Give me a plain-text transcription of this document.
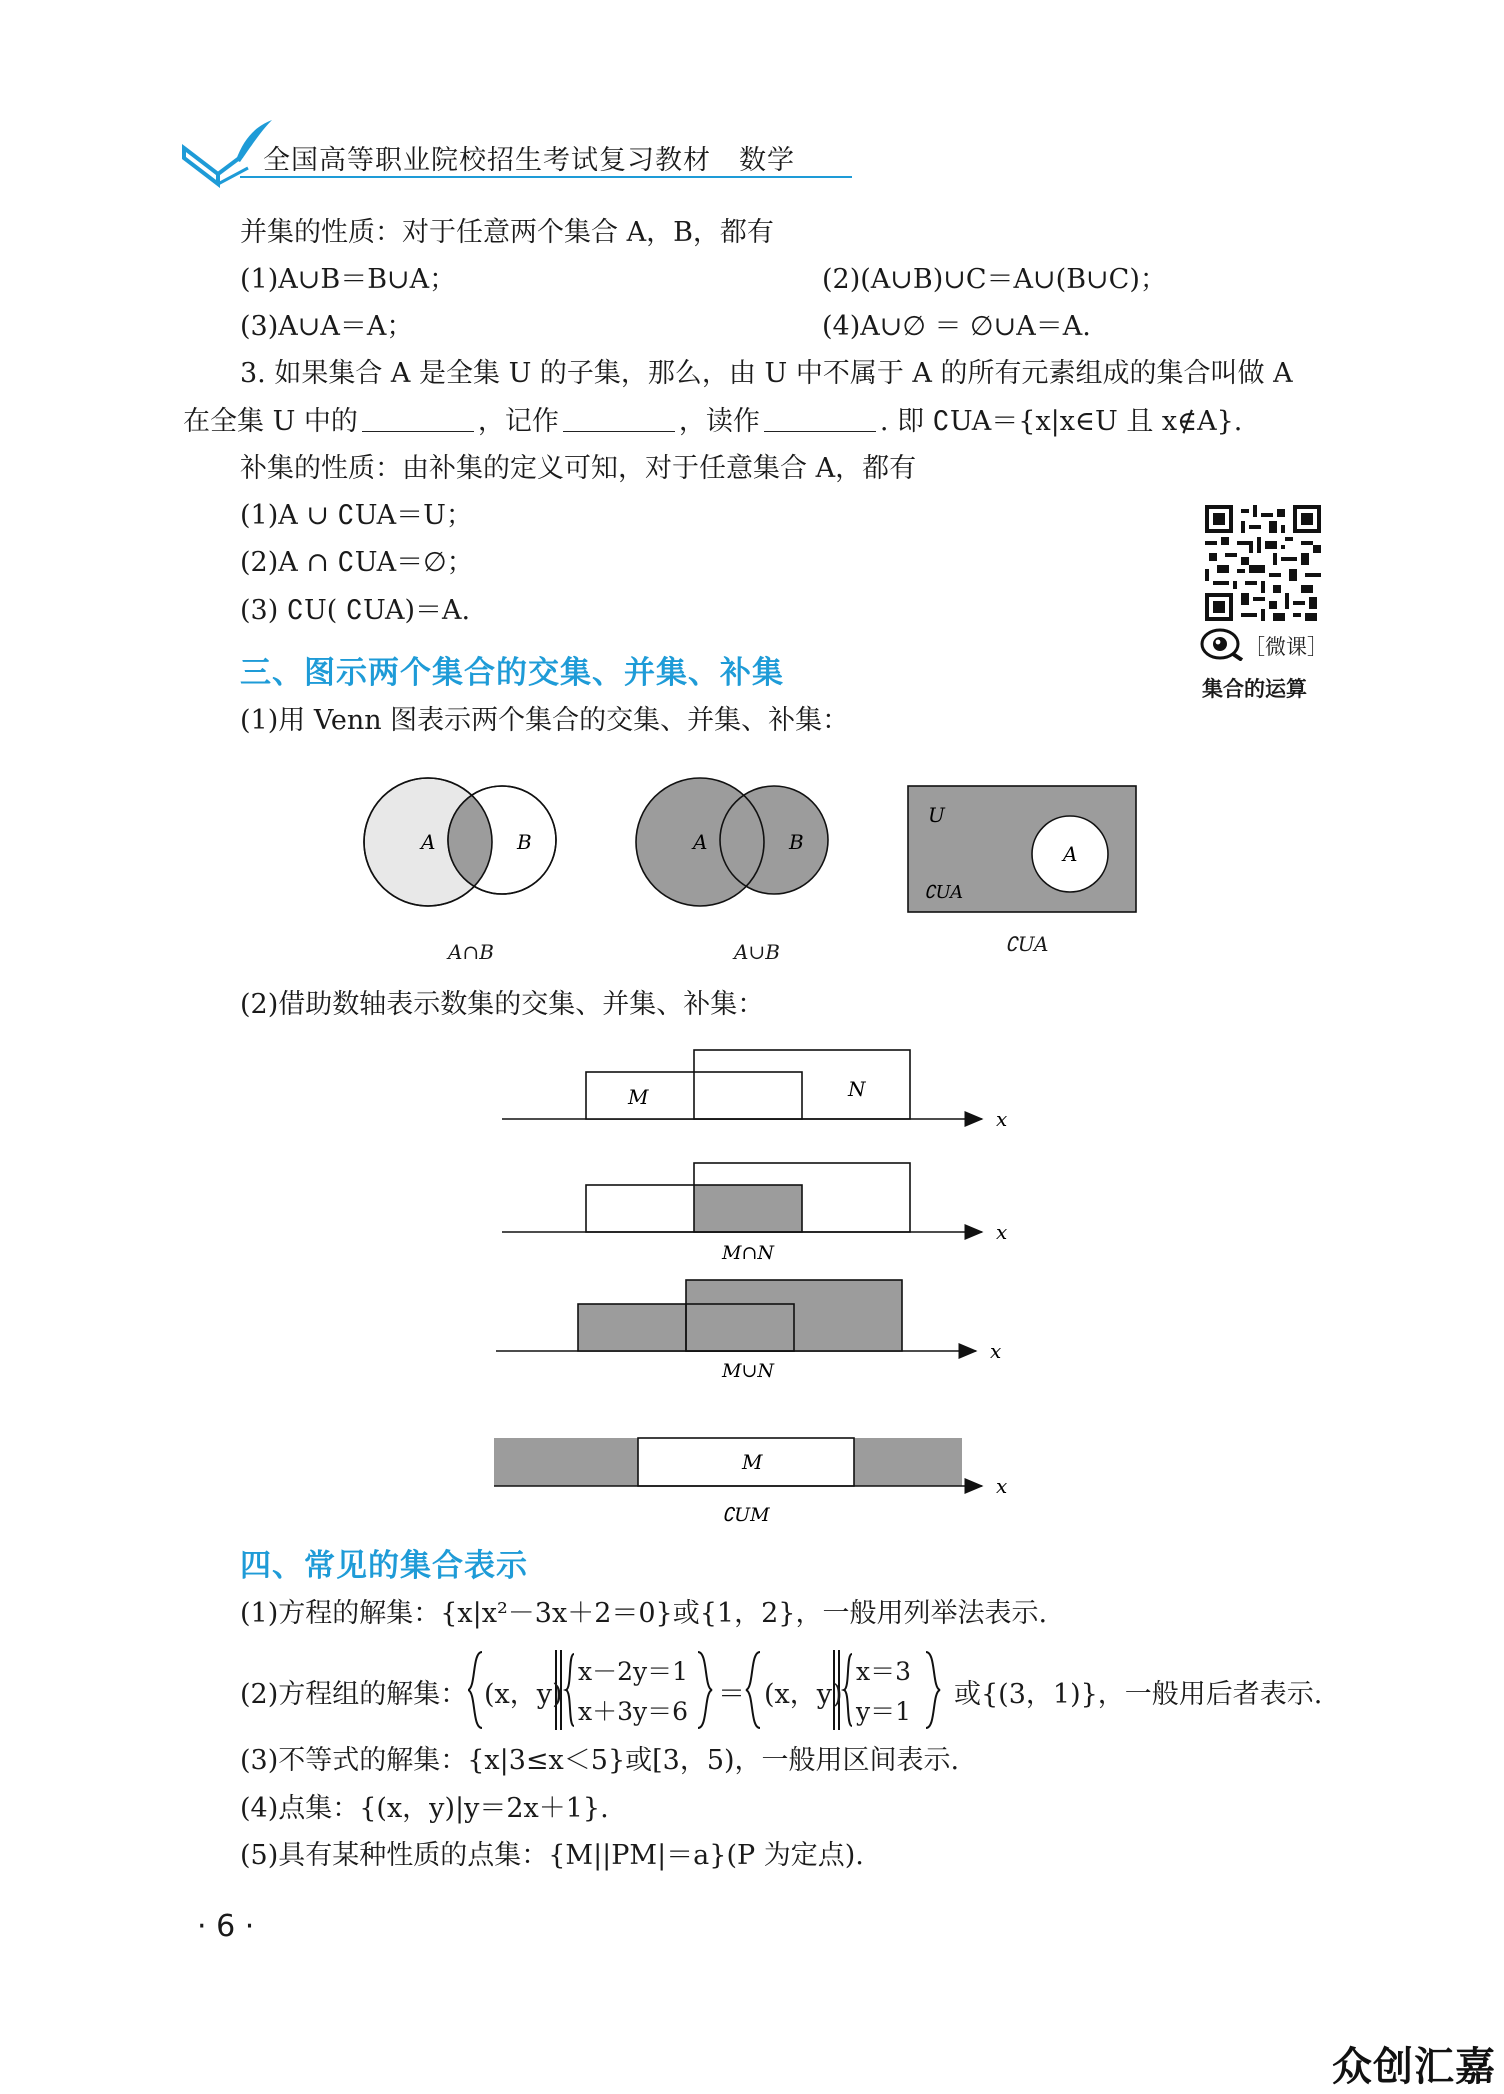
全国高等职业院校招生考试复习教材 数学
并集的性质：对于任意两个集合 A，B，都有
(1)A∪B＝B∪A；	(2)(A∪B)∪C＝A∪(B∪C)；
(3)A∪A＝A；	(4)A∪∅ ＝ ∅∪A＝A.
3. 如果集合 A 是全集 U 的子集，那么，由 U 中不属于 A 的所有元素组成的集合叫做 A
在全集 U 中的	，记作	，读作	. 即 ∁UA＝{x|x∈U 且 x∉A}.
补集的性质：由补集的定义可知，对于任意集合 A，都有
(1)A ∪ ∁UA＝U；
(2)A ∩ ∁UA＝∅；
(3) ∁U( ∁UA)＝A.
［微课］
集合的运算
三、图示两个集合的交集、并集、补集
(1)用 Venn 图表示两个集合的交集、并集、补集：
A	B
A∩B
A	B
A∪B
U
A
∁UA
∁UA
(2)借助数轴表示数集的交集、并集、补集：
M	N
x
x
M∩N
x
M∪N
M
x
∁UM
四、常见的集合表示
(1)方程的解集：{x|x²－3x＋2＝0}或{1，2}，一般用列举法表示.
(2)方程组的解集： (x，y)
x－2y＝1
x＋3y＝6
＝ (x，y)
x＝3
y＝1
或{(3，1)}，一般用后者表示.
(3)不等式的解集：{x|3≤x＜5}或[3，5)，一般用区间表示.
(4)点集：{(x，y)|y＝2x＋1}.
(5)具有某种性质的点集：{M||PM|＝a}(P 为定点).
· 6 ·
众创汇嘉
